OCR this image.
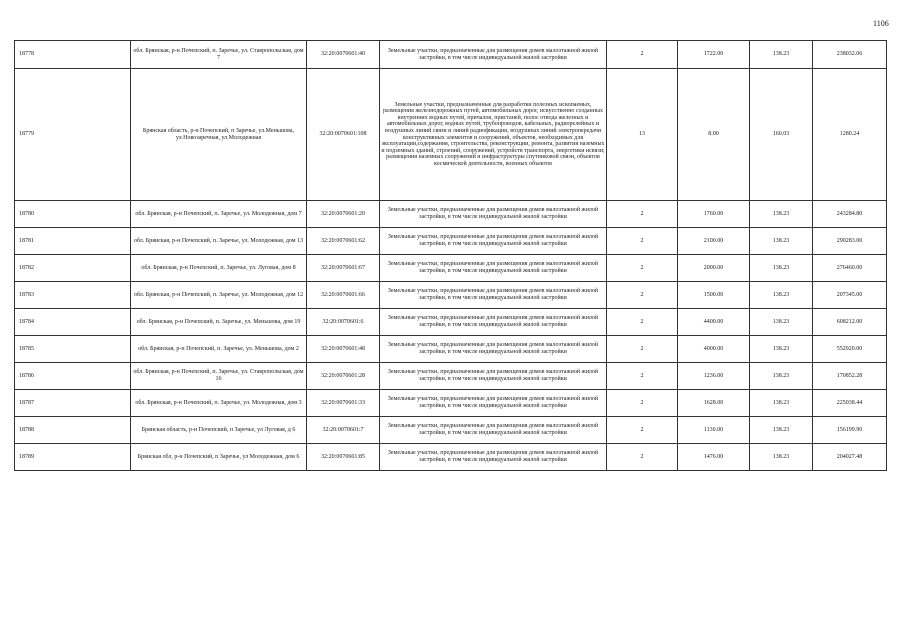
1106
18778	обл. Брянская, р-н Почепский, п. Заречье, ул. Ставропольская, дом 7	32:20:0070601:40	Земельные участки, предназначенные для размещения домов малоэтажной жилой застройки, в том числе индивидуальной жилой застройки	2	1722.00	138.23	238032.06
18779	Брянская область, р-н Почепский, п Заречье, ул.Меньшова, ул.Новозаречная, ул.Молодежная	32:20:0070601:108	Земельные участки, предназначенные для разработки полезных ископаемых, размещения железнодорожных путей, автомобильных дорог, искусственно созданных внутренних водных путей, причалов, пристаней, полос отвода железных и автомобильных дорог, водных путей, трубопроводов, кабельных, радиорелейных и воздушных линий связи и линий радиофикации, воздушных линий электропередачи конструктивных элементов и сооружений, объектов, необходимых для эксплуатации,содержания, строительства, реконструкции, ремонта, развития наземных и подземных зданий, строений, сооружений, устройств транспорта, энергетики исвязи; размещения наземных сооружений и инфраструктуры спутниковой связи, объектов космической деятельности, военных объектов	13	8.00	160.03	1280.24
18780	обл. Брянская, р-н Почепский, п. Заречье, ул. Молодежная, дом 7	32:20:0070601:20	Земельные участки, предназначенные для размещения домов малоэтажной жилой застройки, в том числе индивидуальной жилой застройки	2	1760.00	138.23	243284.80
18781	обл. Брянская, р-н Почепский, п. Заречье, ул. Молодежная, дом 13	32:20:0070601:62	Земельные участки, предназначенные для размещения домов малоэтажной жилой застройки, в том числе индивидуальной жилой застройки	2	2100.00	138.23	290283.00
18782	обл. Брянская, р-н Почепский, п. Заречье, ул. Луговая, дом 8	32:20:0070601:67	Земельные участки, предназначенные для размещения домов малоэтажной жилой застройки, в том числе индивидуальной жилой застройки	2	2000.00	138.23	276460.00
18783	обл. Брянская, р-н Почепский, п. Заречье, ул. Молодежная, дом 12	32:20:0070601:66	Земельные участки, предназначенные для размещения домов малоэтажной жилой застройки, в том числе индивидуальной жилой застройки	2	1500.00	138.23	207345.00
18784	обл. Брянская, р-н Почепский, п. Заречье, ул. Меньшова, дом 19	32:20:0070601:6	Земельные участки, предназначенные для размещения домов малоэтажной жилой застройки, в том числе индивидуальной жилой застройки	2	4400.00	138.23	608212.00
18785	обл. Брянская, р-н Почепский, п. Заречье, ул. Меньшова, дом 2	32:20:0070601:48	Земельные участки, предназначенные для размещения домов малоэтажной жилой застройки, в том числе индивидуальной жилой застройки	2	4000.00	138.23	552920.00
18786	обл. Брянская, р-н Почепский, п. Заречье, ул. Ставропольская, дом 16	32:20:0070601:28	Земельные участки, предназначенные для размещения домов малоэтажной жилой застройки, в том числе индивидуальной жилой застройки	2	1236.00	138.23	170852.28
18787	обл. Брянская, р-н Почепский, п. Заречье, ул. Молодежная, дом 3	32:20:0070601:33	Земельные участки, предназначенные для размещения домов малоэтажной жилой застройки, в том числе индивидуальной жилой застройки	2	1628.00	138.23	225038.44
18788	Брянская область, р-н Почепский, п Заречье, ул Луговая, д 6	32:20:0070601:7	Земельные участки, предназначенные для размещения домов малоэтажной жилой застройки, в том числе индивидуальной жилой застройки	2	1130.00	138.23	156199.90
18789	Брянская обл, р-н Почепский, п Заречье, ул Молодежная, дом 6	32:20:0070601:85	Земельные участки, предназначенные для размещения домов малоэтажной жилой застройки, в том числе индивидуальной жилой застройки	2	1476.00	138.23	204027.48
